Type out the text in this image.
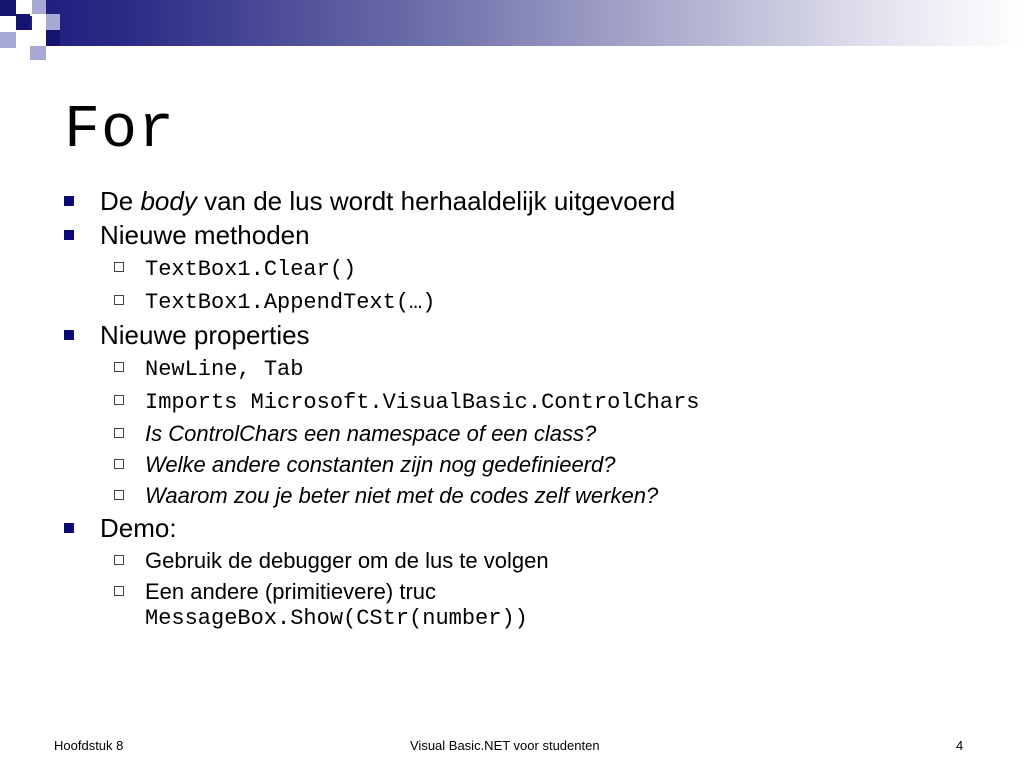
For
De body van de lus wordt herhaaldelijk uitgevoerd
Nieuwe methoden
TextBox1.Clear()
TextBox1.AppendText(…)
Nieuwe properties
NewLine, Tab
Imports Microsoft.VisualBasic.ControlChars
Is ControlChars een namespace of een class?
Welke andere constanten zijn nog gedefinieerd?
Waarom zou je beter niet met de codes zelf werken?
Demo:
Gebruik de debugger om de lus te volgen
Een andere (primitievere) truc
MessageBox.Show(CStr(number))
Hoofdstuk 8	Visual Basic.NET voor studenten	4
